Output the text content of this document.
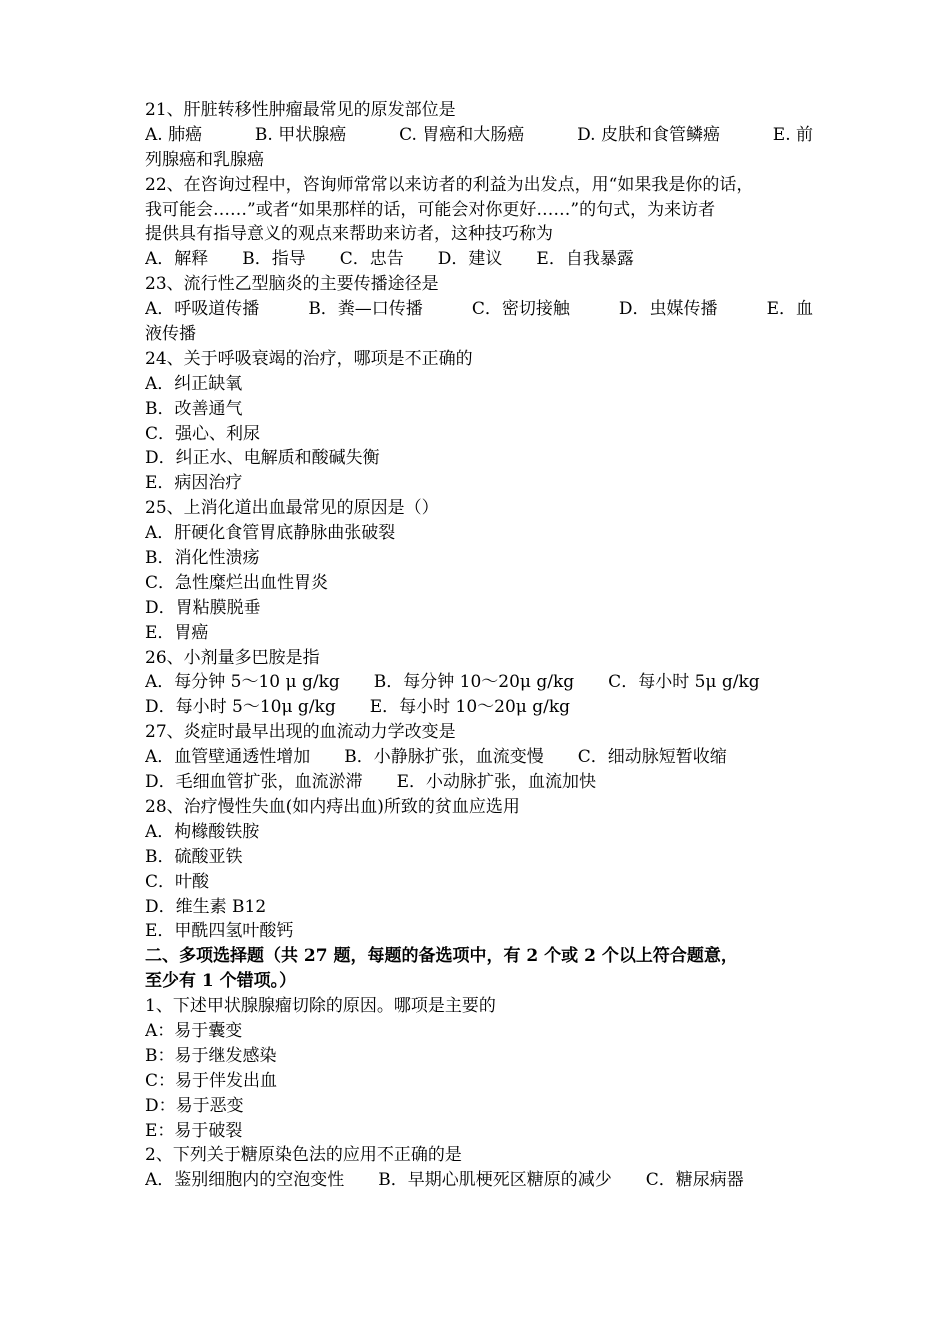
21、肝脏转移性肿瘤最常见的原发部位是
A. 肺癌	B. 甲状腺癌	C. 胃癌和大肠癌	D. 皮肤和食管鳞癌	E. 前
列腺癌和乳腺癌
22、在咨询过程中，咨询师常常以来访者的利益为出发点，用“如果我是你的话，
我可能会……”或者“如果那样的话，可能会对你更好……”的句式，为来访者
提供具有指导意义的观点来帮助来访者，这种技巧称为
A．解释　　B．指导　　C．忠告　　D．建议　　E．自我暴露
23、流行性乙型脑炎的主要传播途径是
A．呼吸道传播	B．粪—口传播	C．密切接触	D．虫媒传播	E．血
液传播
24、关于呼吸衰竭的治疗，哪项是不正确的
A．纠正缺氧
B．改善通气
C．强心、利尿
D．纠正水、电解质和酸碱失衡
E．病因治疗
25、上消化道出血最常见的原因是（）
A．肝硬化食管胃底静脉曲张破裂
B．消化性溃疡
C．急性糜烂出血性胃炎
D．胃粘膜脱垂
E．胃癌
26、小剂量多巴胺是指
A．每分钟 5～10 μ g/kg　　B．每分钟 10～20μ g/kg　　C．每小时 5μ g/kg
D．每小时 5～10μ g/kg　　E．每小时 10～20μ g/kg
27、炎症时最早出现的血流动力学改变是
A．血管壁通透性增加　　B．小静脉扩张，血流变慢　　C．细动脉短暂收缩
D．毛细血管扩张，血流淤滞　　E．小动脉扩张，血流加快
28、治疗慢性失血(如内痔出血)所致的贫血应选用
A．枸橼酸铁胺
B．硫酸亚铁
C．叶酸
D．维生素 B12
E．甲酰四氢叶酸钙
二、多项选择题（共 27 题，每题的备选项中，有 2 个或 2 个以上符合题意，
至少有 1 个错项。）
1、下述甲状腺腺瘤切除的原因。哪项是主要的
A：易于囊变
B：易于继发感染
C：易于伴发出血
D：易于恶变
E：易于破裂
2、下列关于糖原染色法的应用不正确的是
A．鉴别细胞内的空泡变性　　B．早期心肌梗死区糖原的减少　　C．糖尿病器
